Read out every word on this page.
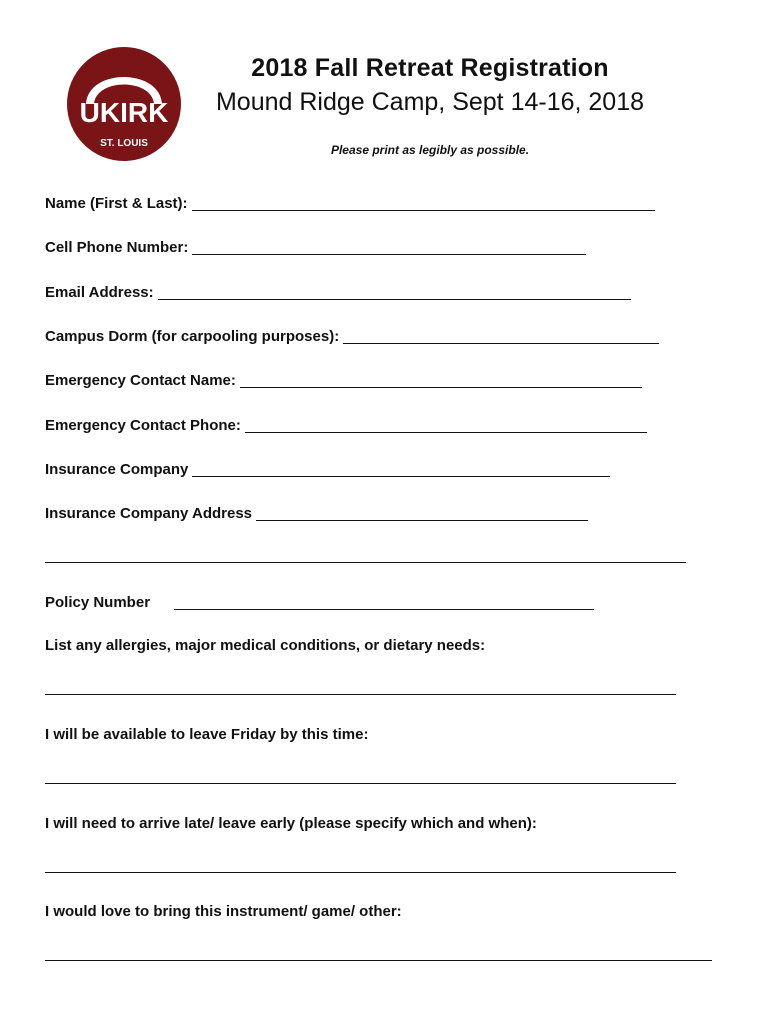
UKIRK
ST. LOUIS
2018 Fall Retreat Registration
Mound Ridge Camp, Sept 14-16, 2018
Please print as legibly as possible.
Name (First & Last):
Cell Phone Number:
Email Address:
Campus Dorm (for carpooling purposes):
Emergency Contact Name:
Emergency Contact Phone:
Insurance Company
Insurance Company Address
Policy Number
List any allergies, major medical conditions, or dietary needs:
I will be available to leave Friday by this time:
I will need to arrive late/ leave early (please specify which and when):
I would love to bring this instrument/ game/ other:
